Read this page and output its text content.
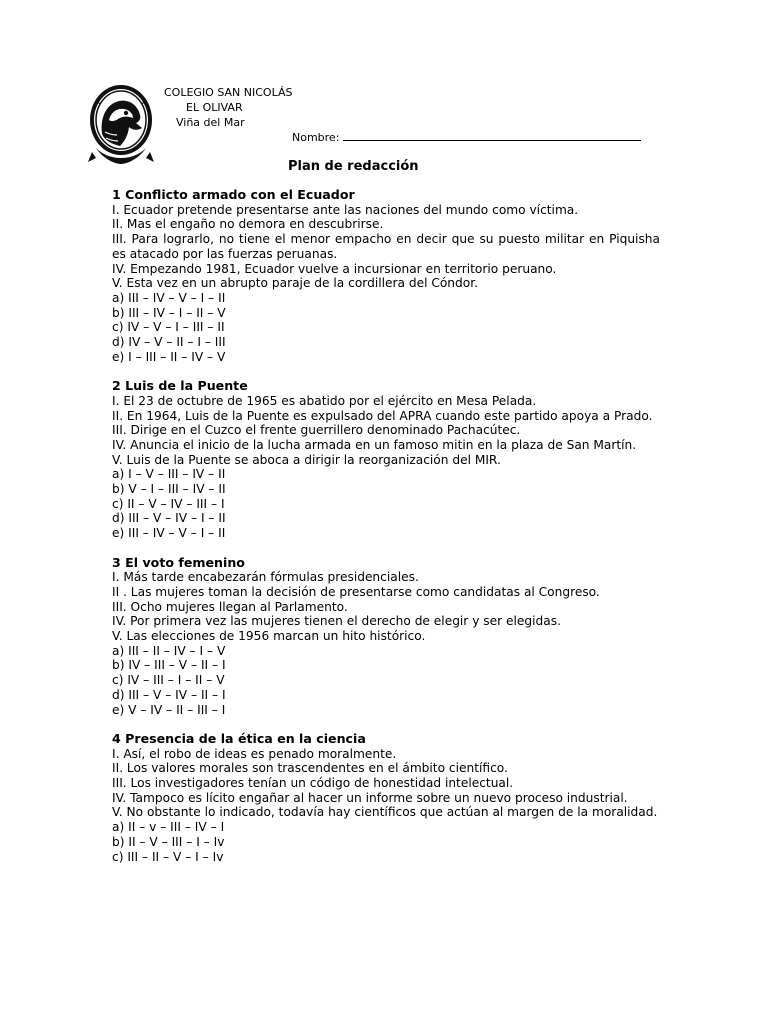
COLEGIO SAN NICOLÁS
EL OLIVAR
Viña del Mar
Nombre:
Plan de redacción
1 Conflicto armado con el Ecuador
I. Ecuador pretende presentarse ante las naciones del mundo como víctima.
II. Mas el engaño no demora en descubrirse.
III. Para lograrlo, no tiene el menor empacho en decir que su puesto militar en Piquisha es atacado por las fuerzas peruanas.
IV. Empezando 1981, Ecuador vuelve a incursionar en territorio peruano.
V. Esta vez en un abrupto paraje de la cordillera del Cóndor.
a) III – IV – V – I – II
b) III – IV – I – II – V
c) IV – V – I – III – II
d) IV – V – II – I – III
e) I – III – II – IV – V
2 Luis de la Puente
I. El 23 de octubre de 1965 es abatido por el ejército en Mesa Pelada.
II. En 1964, Luis de la Puente es expulsado del APRA cuando este partido apoya a Prado.
III. Dirige en el Cuzco el frente guerrillero denominado Pachacútec.
IV. Anuncia el inicio de la lucha armada en un famoso mitin en la plaza de San Martín.
V. Luis de la Puente se aboca a dirigir la reorganización del MIR.
a) I – V – III – IV – II
b) V – I – III – IV – II
c) II – V – IV – III – I
d) III – V – IV – I – II
e) III – IV – V – I – II
3 El voto femenino
I. Más tarde encabezarán fórmulas presidenciales.
II . Las mujeres toman la decisión de presentarse como candidatas al Congreso.
III. Ocho mujeres llegan al Parlamento.
IV. Por primera vez las mujeres tienen el derecho de elegir y ser elegidas.
V. Las elecciones de 1956 marcan un hito histórico.
a) III – II – IV – I – V
b) IV – III – V – II – I
c) IV – III – I – II – V
d) III – V – IV – II – I
e) V – IV – II – III – I
4 Presencia de la ética en la ciencia
I. Así, el robo de ideas es penado moralmente.
II. Los valores morales son trascendentes en el ámbito científico.
III. Los investigadores tenían un código de honestidad intelectual.
IV. Tampoco es lícito engañar al hacer un informe sobre un nuevo proceso industrial.
V. No obstante lo indicado, todavía hay científicos que actúan al margen de la moralidad.
a) II – v – III – IV – I
b) II – V – III – I – Iv
c) III – II – V – I – Iv
